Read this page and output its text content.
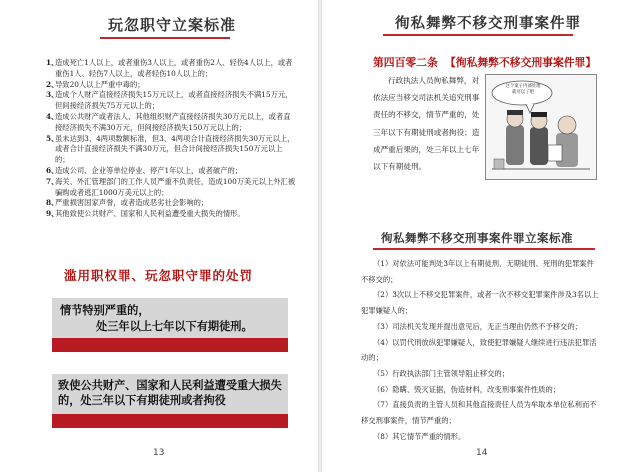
玩忽职守立案标准
1、
造成死亡1人以上，或者重伤3人以上，或者重伤2人、轻伤4人以上，或者重伤1人、轻伤7人以上，或者轻伤10人以上的；
2、
导致20人以上严重中毒的；
3、
造成个人财产直接经济损失15万元以上，或者直接经济损失不满15万元，但间接经济损失75万元以上的；
4、
造成公共财产或者法人、其他组织财产直接经济损失30万元以上，或者直接经济损失不满30万元，但间接经济损失150万元以上的；
5、
虽未达到3、4两项数额标准，但3、4两项合计直接经济损失30万元以上，或者合计直接经济损失不满30万元，但合计间接经济损失150万元以上的；
6、
造成公司、企业等单位停业、停产1年以上，或者破产的；
7、
海关、外汇管理部门的工作人员严重不负责任，造成100万美元以上外汇被骗购或者逃汇1000万美元以上的；
8、
严重损害国家声誉，或者造成恶劣社会影响的；
9、
其他致使公共财产、国家和人民利益遭受重大损失的情形。
滥用职权罪、玩忽职守罪的处罚
情节特别严重的，
处三年以上七年以下有期徒刑。
致使公共财产、国家和人民利益遭受重大损失的，处三年以下有期徒刑或者拘役
13
徇私舞弊不移交刑事案件罪
第四百零二条 【徇私舞弊不移交刑事案件罪】
行政执法人员徇私舞弊，对依法应当移交司法机关追究刑事责任的不移交，情节严重的，处三年以下有期徒刑或者拘役；造成严重后果的，处三年以上七年以下有期徒刑。
这个案子内部处理就可以了吧
徇私舞弊不移交刑事案件罪立案标准
（1）对依法可能判处3年以上有期徒刑、无期徒刑、死刑的犯罪案件不移交的；
（2）3次以上不移交犯罪案件，或者一次不移交犯罪案件涉及3名以上犯罪嫌疑人的；
（3）司法机关发现并提出意见后，无正当理由仍然不予移交的；
（4）以罚代刑放纵犯罪嫌疑人，致使犯罪嫌疑人继续进行违法犯罪活动的；
（5）行政执法部门主管领导阻止移交的；
（6）隐瞒、毁灭证据，伪造材料，改变刑事案件性质的；
（7）直接负责的主管人员和其他直接责任人员为牟取本单位私利而不移交刑事案件，情节严重的；
（8）其它情节严重的情形。
14
